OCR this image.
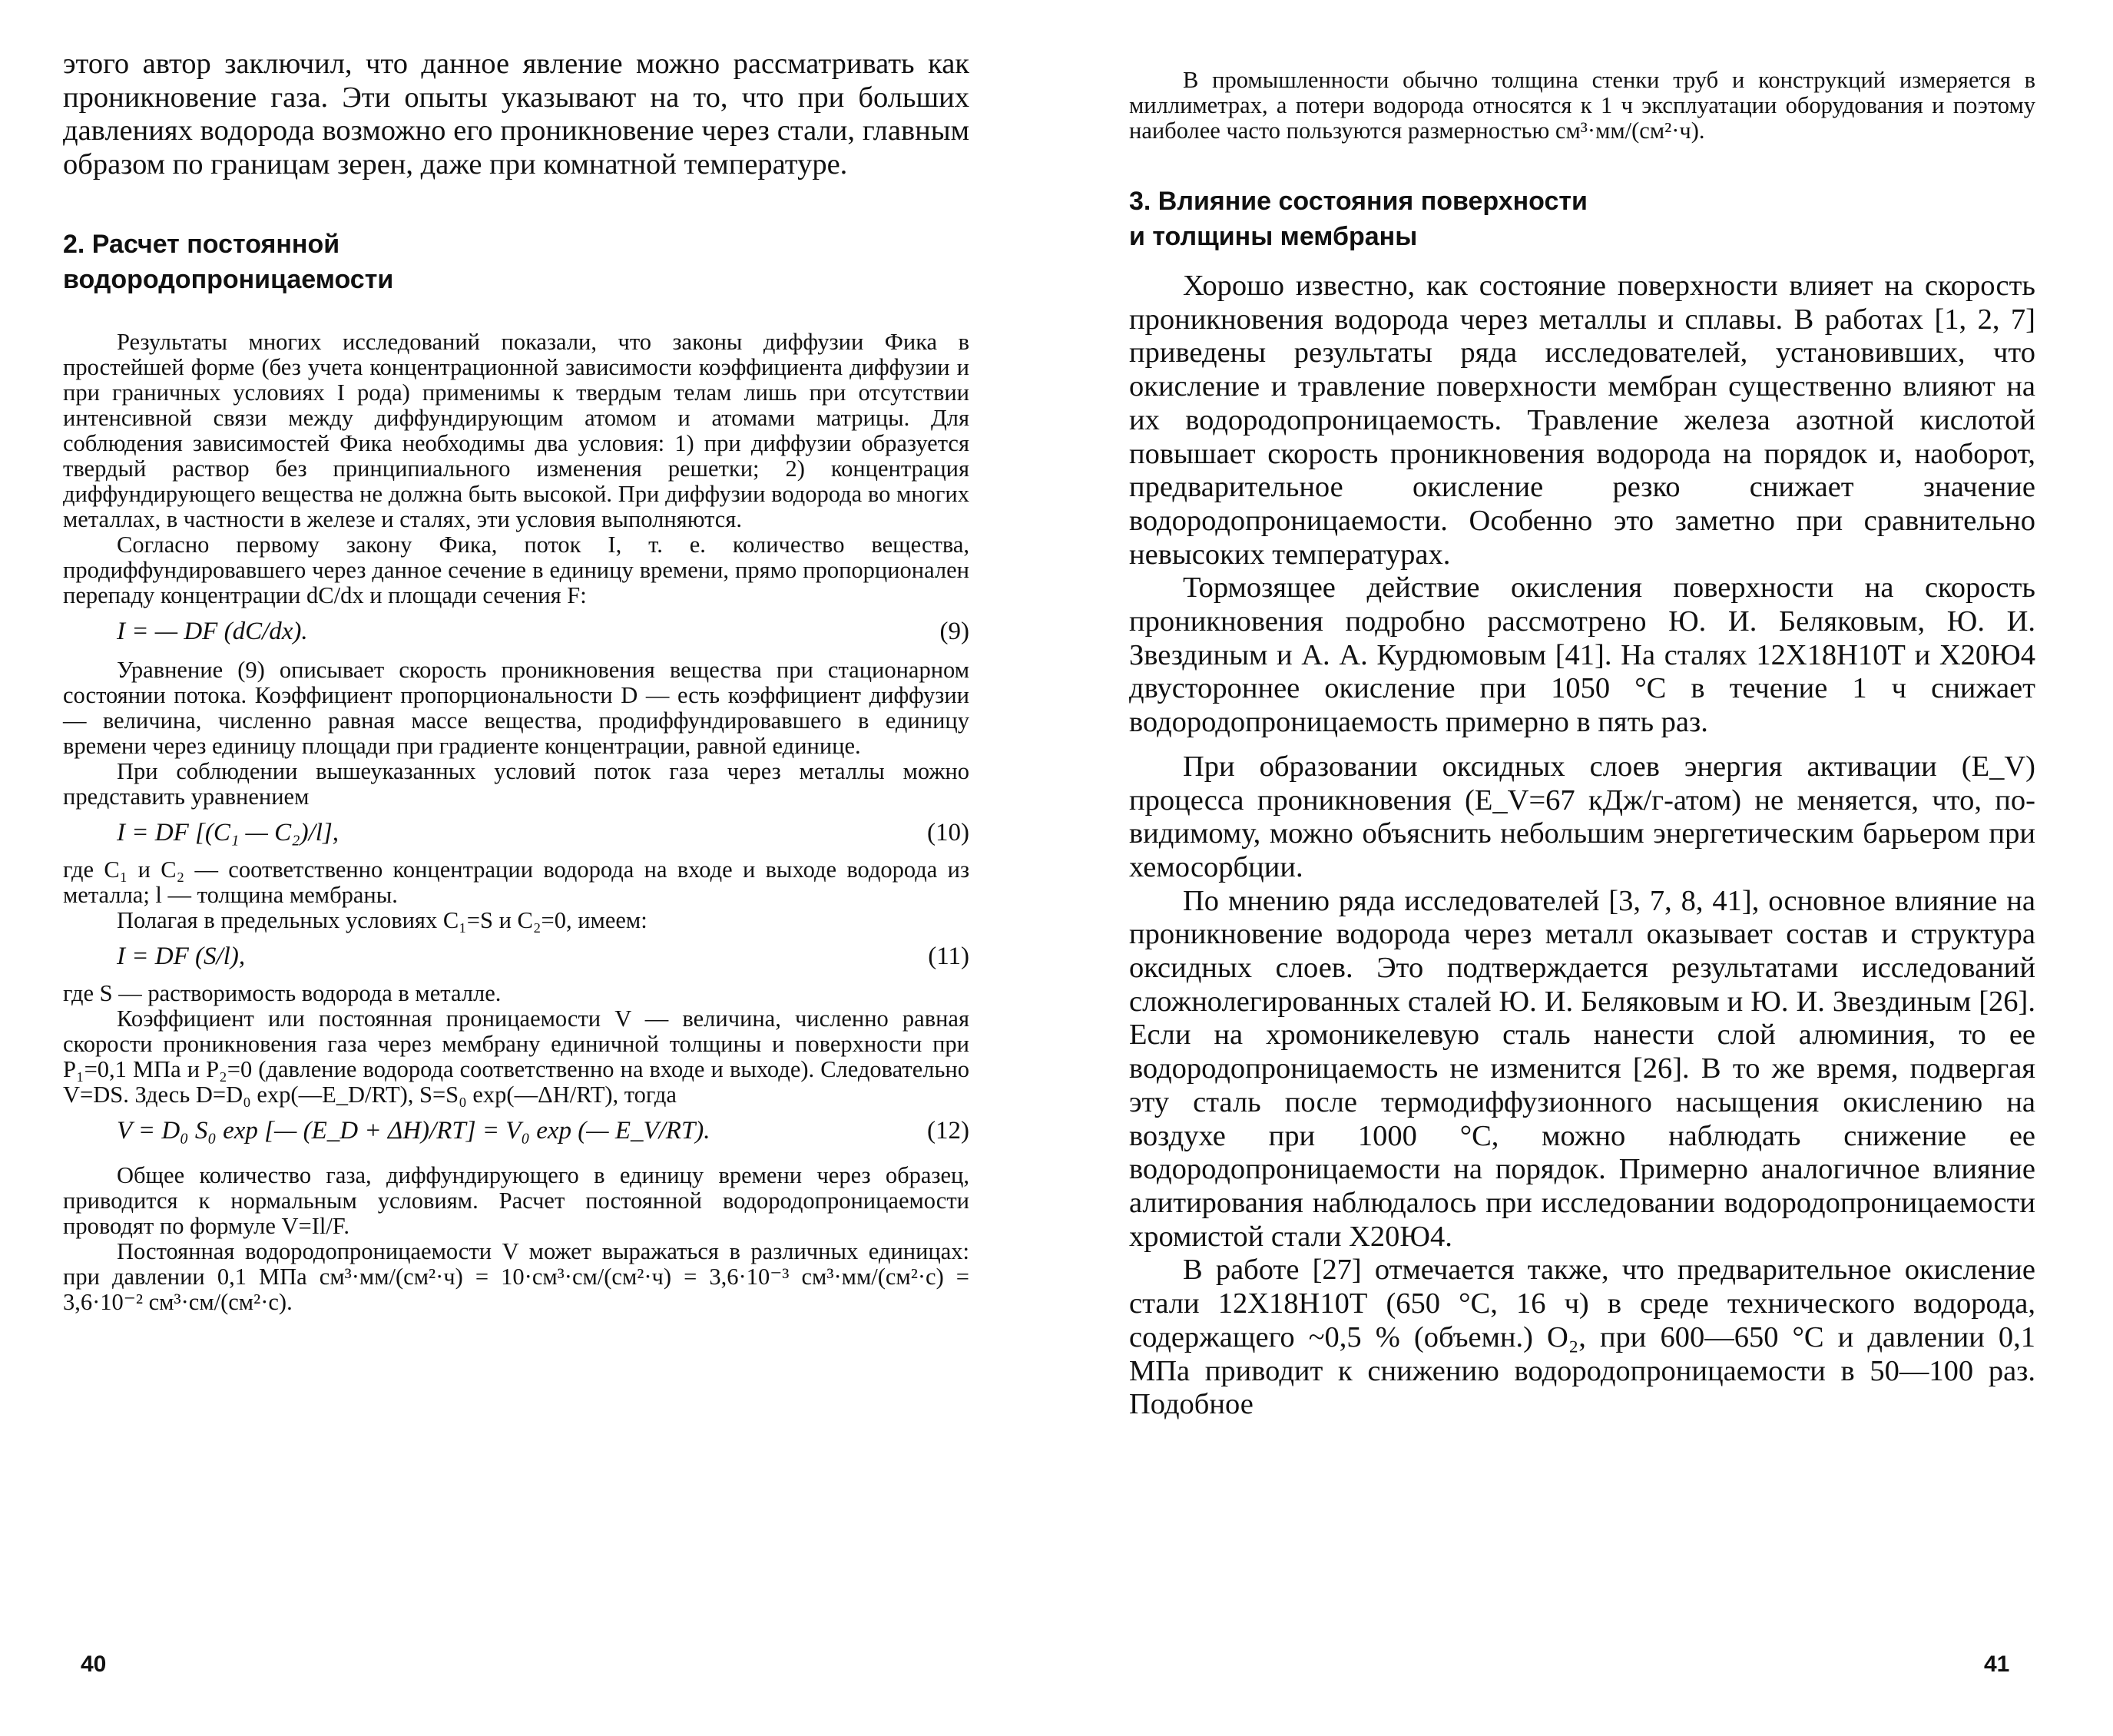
этого автор заключил, что данное явление можно рассматривать как проникновение газа. Эти опыты указывают на то, что при больших давлениях водорода возможно его проникновение через стали, главным образом по границам зерен, даже при комнатной температуре.

2. Расчет постоянной
водородопроницаемости

Результаты многих исследований показали, что законы диффузии Фика в простейшей форме (без учета концентрационной зависимости коэффициента диффузии и при граничных условиях I рода) применимы к твердым телам лишь при отсутствии интенсивной связи между диффундирующим атомом и атомами матрицы. Для соблюдения зависимостей Фика необходимы два условия: 1) при диффузии образуется твердый раствор без принципиального изменения решетки; 2) концентрация диффундирующего вещества не должна быть высокой. При диффузии водорода во многих металлах, в частности в железе и сталях, эти условия выполняются.

Согласно первому закону Фика, поток I, т. е. количество вещества, продиффундировавшего через данное сечение в единицу времени, прямо пропорционален перепаду концентрации dC/dx и площади сечения F:

I = — DF (dC/dx).	(9)

Уравнение (9) описывает скорость проникновения вещества при стационарном состоянии потока. Коэффициент пропорциональности D — есть коэффициент диффузии — величина, численно равная массе вещества, продиффундировавшего в единицу времени через единицу площади при градиенте концентрации, равной единице.

При соблюдении вышеуказанных условий поток газа через металлы можно представить уравнением

I = DF [(C₁ — C₂)/l],	(10)

где C₁ и C₂ — соответственно концентрации водорода на входе и выходе водорода из металла; l — толщина мембраны.

Полагая в предельных условиях C₁=S и C₂=0, имеем:

I = DF (S/l),	(11)

где S — растворимость водорода в металле.

Коэффициент или постоянная проницаемости V — величина, численно равная скорости проникновения газа через мембрану единичной толщины и поверхности при P₁=0,1 МПа и P₂=0 (давление водорода соответственно на входе и выходе). Следовательно V=DS. Здесь D=D₀ exp(—E_D/RT), S=S₀ exp(—ΔH/RT), тогда

V = D₀ S₀ exp [— (E_D + ΔH)/RT] = V₀ exp (— E_V/RT).	(12)

Общее количество газа, диффундирующего в единицу времени через образец, приводится к нормальным условиям. Расчет постоянной водородопроницаемости проводят по формуле V=Il/F.

Постоянная водородопроницаемости V может выражаться в различных единицах: при давлении 0,1 МПа см³·мм/(см²·ч) = 10·см³·см/(см²·ч) = 3,6·10⁻³ см³·мм/(см²·с) = 3,6·10⁻² см³·см/(см²·с).

40

В промышленности обычно толщина стенки труб и конструкций измеряется в миллиметрах, а потери водорода относятся к 1 ч эксплуатации оборудования и поэтому наиболее часто пользуются размерностью см³·мм/(см²·ч).

3. Влияние состояния поверхности
и толщины мембраны

Хорошо известно, как состояние поверхности влияет на скорость проникновения водорода через металлы и сплавы. В работах [1, 2, 7] приведены результаты ряда исследователей, установивших, что окисление и травление поверхности мембран существенно влияют на их водородопроницаемость. Травление железа азотной кислотой повышает скорость проникновения водорода на порядок и, наоборот, предварительное окисление резко снижает значение водородопроницаемости. Особенно это заметно при сравнительно невысоких температурах.

Тормозящее действие окисления поверхности на скорость проникновения подробно рассмотрено Ю. И. Беляковым, Ю. И. Звездиным и А. А. Курдюмовым [41]. На сталях 12Х18Н10Т и Х20Ю4 двустороннее окисление при 1050 °C в течение 1 ч снижает водородопроницаемость примерно в пять раз.

При образовании оксидных слоев энергия активации (E_V) процесса проникновения (E_V=67 кДж/г-атом) не меняется, что, по-видимому, можно объяснить небольшим энергетическим барьером при хемосорбции.

По мнению ряда исследователей [3, 7, 8, 41], основное влияние на проникновение водорода через металл оказывает состав и структура оксидных слоев. Это подтверждается результатами исследований сложнолегированных сталей Ю. И. Беляковым и Ю. И. Звездиным [26]. Если на хромоникелевую сталь нанести слой алюминия, то ее водородопроницаемость не изменится [26]. В то же время, подвергая эту сталь после термодиффузионного насыщения окислению на воздухе при 1000 °C, можно наблюдать снижение ее водородопроницаемости на порядок. Примерно аналогичное влияние алитирования наблюдалось при исследовании водородопроницаемости хромистой стали Х20Ю4.

В работе [27] отмечается также, что предварительное окисление стали 12Х18Н10Т (650 °C, 16 ч) в среде технического водорода, содержащего ~0,5 % (объемн.) O₂, при 600—650 °C и давлении 0,1 МПа приводит к снижению водородопроницаемости в 50—100 раз. Подобное

41
